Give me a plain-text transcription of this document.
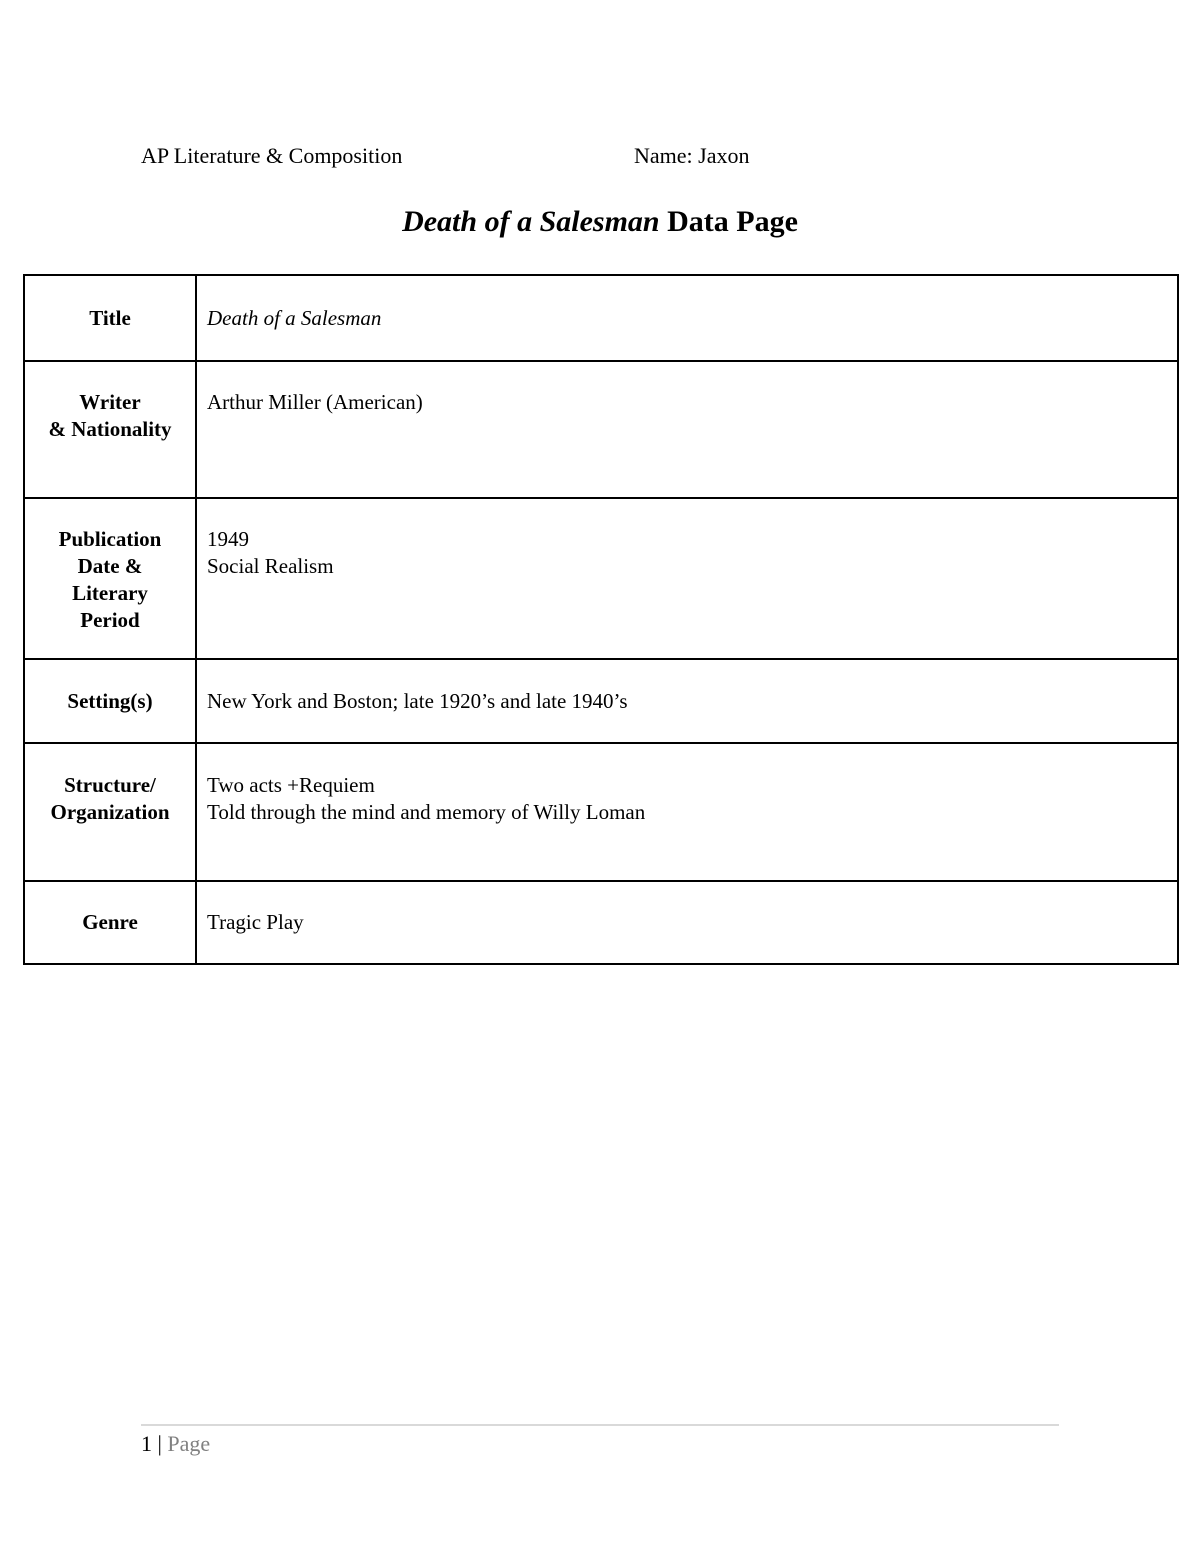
AP Literature & Composition	Name: Jaxon
Death of a Salesman Data Page
Title	Death of a Salesman

Writer
& Nationality	Arthur Miller (American)

Publication
Date &
Literary
Period	1949
Social Realism

Setting(s)	New York and Boston; late 1920’s and late 1940’s

Structure/
Organization	Two acts +Requiem
Told through the mind and memory of Willy Loman

Genre	Tragic Play
1 | Page
